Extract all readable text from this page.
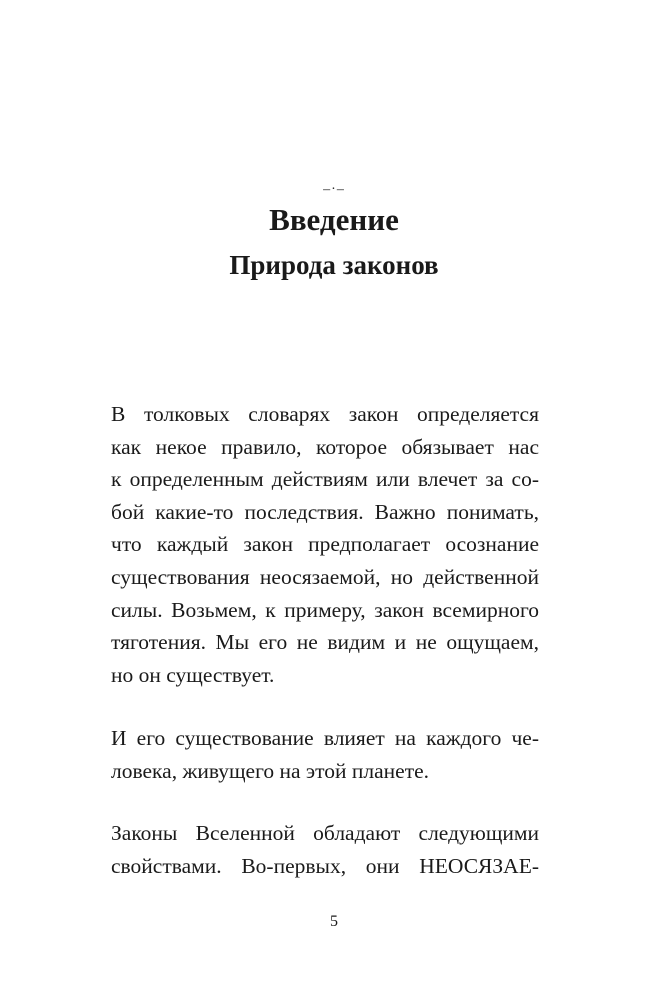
–·–
Введение
Природа законов
В толковых словарях закон определяется
как некое правило, которое обязывает нас
к определенным действиям или влечет за со-
бой какие-то последствия. Важно понимать,
что каждый закон предполагает осознание
существования неосязаемой, но действенной
силы. Возьмем, к примеру, закон всемирного
тяготения. Мы его не видим и не ощущаем,
но он существует.
И его существование влияет на каждого че-
ловека, живущего на этой планете.
Законы Вселенной обладают следующими
свойствами. Во-первых, они НЕОСЯЗАЕ-
5
